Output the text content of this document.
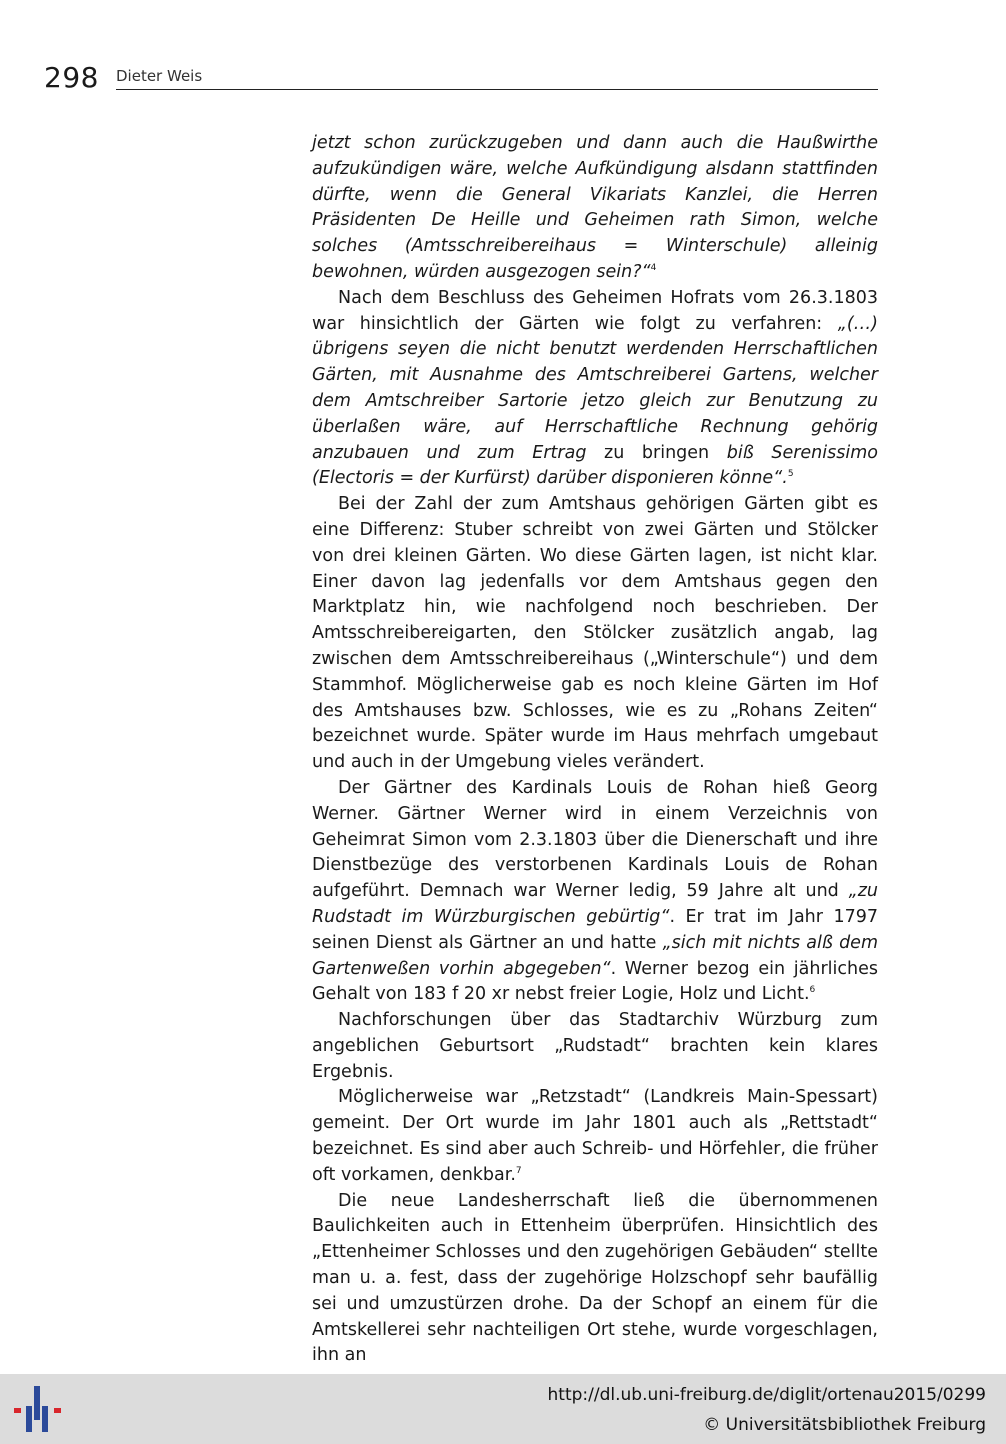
298 Dieter Weis

jetzt schon zurückzugeben und dann auch die Haußwirthe aufzukündigen wäre, welche Aufkündigung alsdann stattfinden dürfte, wenn die General Vikariats Kanzlei, die Herren Präsidenten De Heille und Geheimen rath Simon, welche solches (Amtsschreibereihaus = Winterschule) alleinig bewohnen, würden ausgezogen sein?“$^4$

Nach dem Beschluss des Geheimen Hofrats vom 26.3.1803 war hinsichtlich der Gärten wie folgt zu verfahren: „(…) übrigens seyen die nicht benutzt werdenden Herrschaftlichen Gärten, mit Ausnahme des Amtschreiberei Gartens, welcher dem Amtschreiber Sartorie jetzo gleich zur Benutzung zu überlaßen wäre, auf Herrschaftliche Rechnung gehörig anzubauen und zum Ertrag zu bringen biß Serenissimo (Electoris = der Kurfürst) darüber disponieren könne“.$^5$

Bei der Zahl der zum Amtshaus gehörigen Gärten gibt es eine Differenz: Stuber schreibt von zwei Gärten und Stölcker von drei kleinen Gärten. Wo diese Gärten lagen, ist nicht klar. Einer davon lag jedenfalls vor dem Amtshaus gegen den Marktplatz hin, wie nachfolgend noch beschrieben. Der Amtsschreibereigarten, den Stölcker zusätzlich angab, lag zwischen dem Amtsschreibereihaus („Winterschule“) und dem Stammhof. Möglicherweise gab es noch kleine Gärten im Hof des Amtshauses bzw. Schlosses, wie es zu „Rohans Zeiten“ bezeichnet wurde. Später wurde im Haus mehrfach umgebaut und auch in der Umgebung vieles verändert.

Der Gärtner des Kardinals Louis de Rohan hieß Georg Werner. Gärtner Werner wird in einem Verzeichnis von Geheimrat Simon vom 2.3.1803 über die Dienerschaft und ihre Dienstbezüge des verstorbenen Kardinals Louis de Rohan aufgeführt. Demnach war Werner ledig, 59 Jahre alt und „zu Rudstadt im Würzburgischen gebürtig“. Er trat im Jahr 1797 seinen Dienst als Gärtner an und hatte „sich mit nichts alß dem Gartenweßen vorhin abgegeben“. Werner bezog ein jährliches Gehalt von 183 f 20 xr nebst freier Logie, Holz und Licht.$^6$

Nachforschungen über das Stadtarchiv Würzburg zum angeblichen Geburtsort „Rudstadt“ brachten kein klares Ergebnis.

Möglicherweise war „Retzstadt“ (Landkreis Main-Spessart) gemeint. Der Ort wurde im Jahr 1801 auch als „Rettstadt“ bezeichnet. Es sind aber auch Schreib- und Hörfehler, die früher oft vorkamen, denkbar.$^7$

Die neue Landesherrschaft ließ die übernommenen Baulichkeiten auch in Ettenheim überprüfen. Hinsichtlich des „Ettenheimer Schlosses und den zugehörigen Gebäuden“ stellte man u. a. fest, dass der zugehörige Holzschopf sehr baufällig sei und umzustürzen drohe. Da der Schopf an einem für die Amtskellerei sehr nachteiligen Ort stehe, wurde vorgeschlagen, ihn an

http://dl.ub.uni-freiburg.de/diglit/ortenau2015/0299
© Universitätsbibliothek Freiburg
